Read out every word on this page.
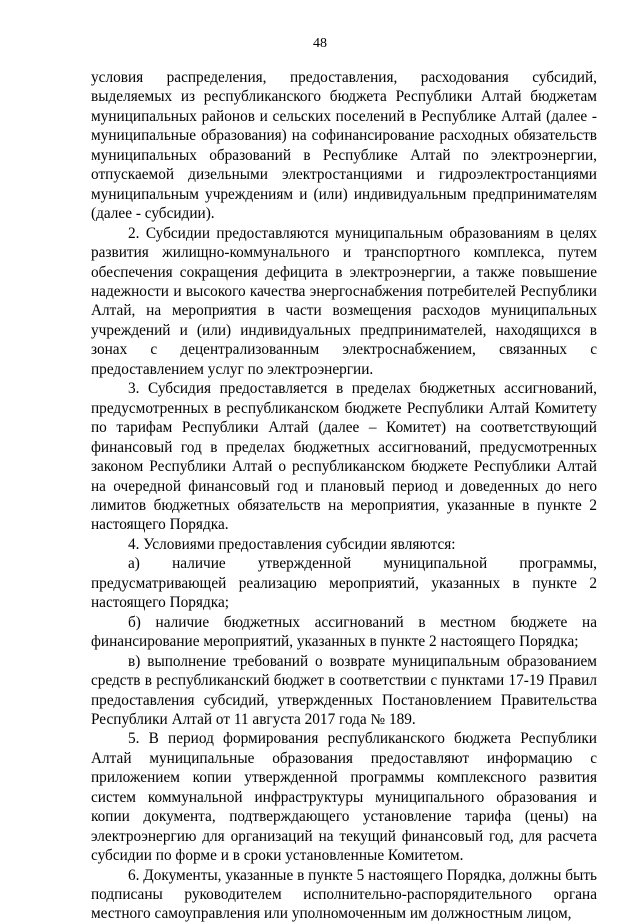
48

условия распределения, предоставления, расходования субсидий, выделяемых из республиканского бюджета Республики Алтай бюджетам муниципальных районов и сельских поселений в Республике Алтай (далее - муниципальные образования) на софинансирование расходных обязательств муниципальных образований в Республике Алтай по электроэнергии, отпускаемой дизельными электростанциями и гидроэлектростанциями муниципальным учреждениям и (или) индивидуальным предпринимателям (далее - субсидии).

2. Субсидии предоставляются муниципальным образованиям в целях развития жилищно-коммунального и транспортного комплекса, путем обеспечения сокращения дефицита в электроэнергии, а также повышение надежности и высокого качества энергоснабжения потребителей Республики Алтай, на мероприятия в части возмещения расходов муниципальных учреждений и (или) индивидуальных предпринимателей, находящихся в зонах с децентрализованным электроснабжением, связанных с предоставлением услуг по электроэнергии.

3. Субсидия предоставляется в пределах бюджетных ассигнований, предусмотренных в республиканском бюджете Республики Алтай Комитету по тарифам Республики Алтай (далее – Комитет) на соответствующий финансовый год в пределах бюджетных ассигнований, предусмотренных законом Республики Алтай о республиканском бюджете Республики Алтай на очередной финансовый год и плановый период и доведенных до него лимитов бюджетных обязательств на мероприятия, указанные в пункте 2 настоящего Порядка.

4. Условиями предоставления субсидии являются:

а) наличие утвержденной муниципальной программы, предусматривающей реализацию мероприятий, указанных в пункте 2 настоящего Порядка;

б) наличие бюджетных ассигнований в местном бюджете на финансирование мероприятий, указанных в пункте 2 настоящего Порядка;

в) выполнение требований о возврате муниципальным образованием средств в республиканский бюджет в соответствии с пунктами 17-19 Правил предоставления субсидий, утвержденных Постановлением Правительства Республики Алтай от 11 августа 2017 года № 189.

5. В период формирования республиканского бюджета Республики Алтай муниципальные образования предоставляют информацию с приложением копии утвержденной программы комплексного развития систем коммунальной инфраструктуры муниципального образования и копии документа, подтверждающего установление тарифа (цены) на электроэнергию для организаций на текущий финансовый год, для расчета субсидии по форме и в сроки установленные Комитетом.

6. Документы, указанные в пункте 5 настоящего Порядка, должны быть подписаны руководителем исполнительно-распорядительного органа местного самоуправления или уполномоченным им должностным лицом,
